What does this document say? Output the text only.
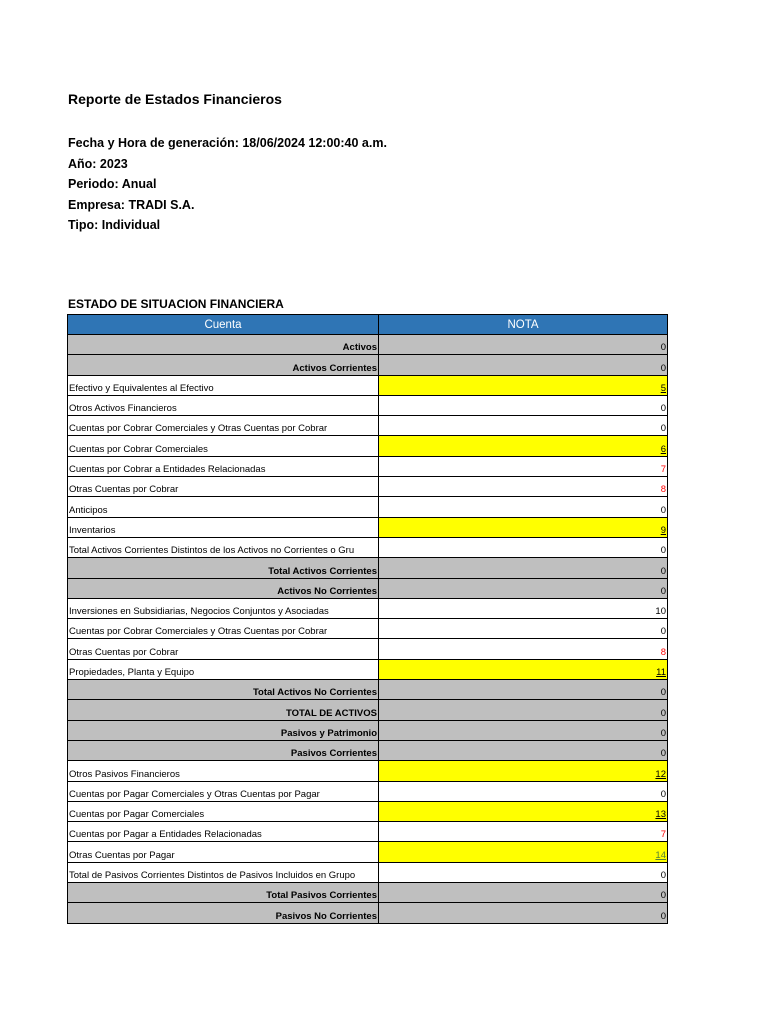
Reporte de Estados Financieros
Fecha y Hora de generación: 18/06/2024 12:00:40 a.m.
Año: 2023
Periodo: Anual
Empresa: TRADI S.A.
Tipo: Individual
ESTADO DE SITUACION FINANCIERA
Cuenta	NOTA
Activos	0
Activos Corrientes	0
Efectivo y Equivalentes al Efectivo	5
Otros Activos Financieros	0
Cuentas por Cobrar Comerciales y Otras Cuentas por Cobrar	0
Cuentas por Cobrar Comerciales	6
Cuentas por Cobrar a Entidades Relacionadas	7
Otras Cuentas por Cobrar	8
Anticipos	0
Inventarios	9
Total Activos Corrientes Distintos de los Activos no Corrientes o Gru	0
Total Activos Corrientes	0
Activos No Corrientes	0
Inversiones en Subsidiarias, Negocios Conjuntos y Asociadas	10
Cuentas por Cobrar Comerciales y Otras Cuentas por Cobrar	0
Otras Cuentas por Cobrar	8
Propiedades, Planta y Equipo	11
Total Activos No Corrientes	0
TOTAL DE ACTIVOS	0
Pasivos y Patrimonio	0
Pasivos Corrientes	0
Otros Pasivos Financieros	12
Cuentas por Pagar Comerciales y Otras Cuentas por Pagar	0
Cuentas por Pagar Comerciales	13
Cuentas por Pagar a Entidades Relacionadas	7
Otras Cuentas por Pagar	14
Total de Pasivos Corrientes Distintos de Pasivos Incluidos en Grupo	0
Total Pasivos Corrientes	0
Pasivos No Corrientes	0
